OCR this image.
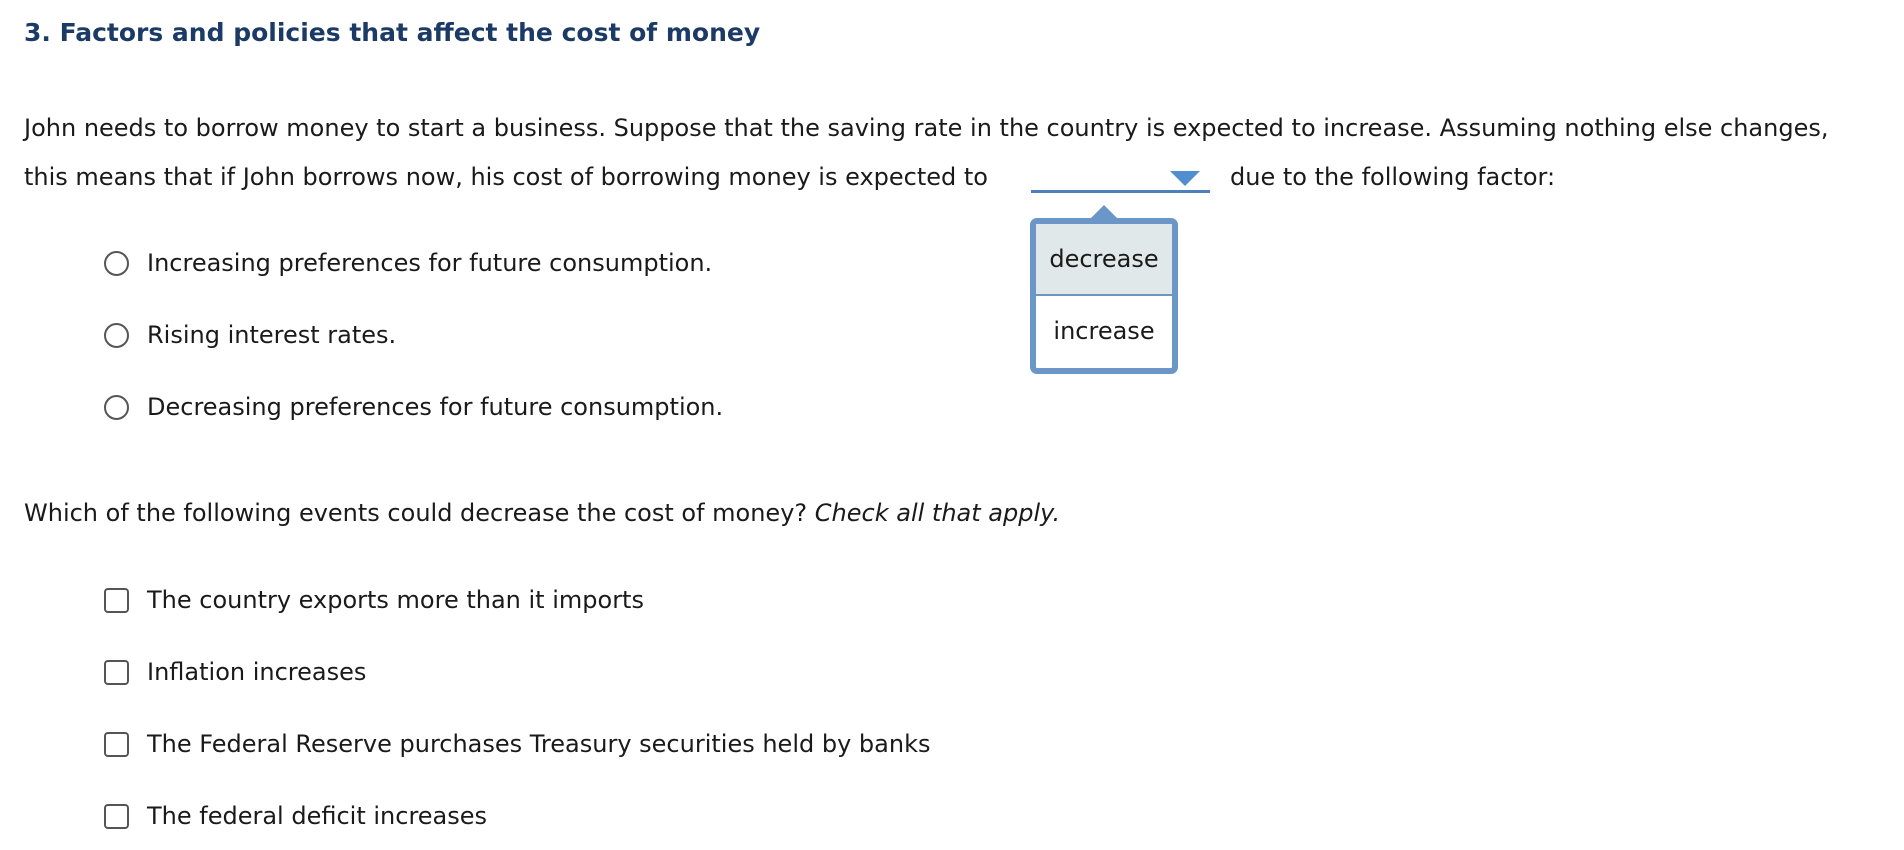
3. Factors and policies that affect the cost of money
John needs to borrow money to start a business. Suppose that the saving rate in the country is expected to increase. Assuming nothing else changes,
this means that if John borrows now, his cost of borrowing money is expected to	due to the following factor:
decrease
increase
Increasing preferences for future consumption.
Rising interest rates.
Decreasing preferences for future consumption.
Which of the following events could decrease the cost of money? Check all that apply.
The country exports more than it imports
Inflation increases
The Federal Reserve purchases Treasury securities held by banks
The federal deficit increases
